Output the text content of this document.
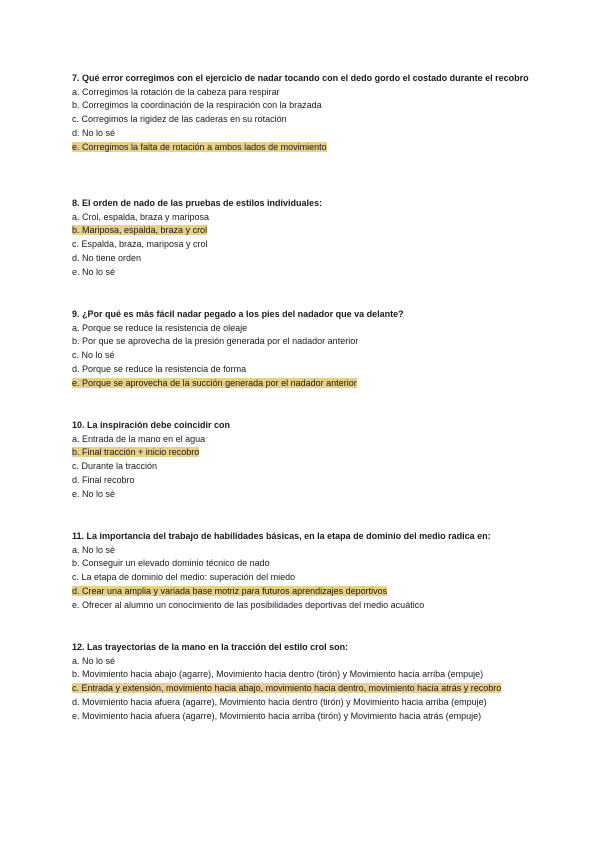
7. Qué error corregimos con el ejercicio de nadar tocando con el dedo gordo el costado durante el recobro

a. Corregimos la rotación de la cabeza para respirar

b. Corregimos la coordinación de la respiración con la brazada

c. Corregimos la rigidez de las caderas en su rotación

d. No lo sé

e. Corregimos la falta de rotación a ambos lados de movimiento

8. El orden de nado de las pruebas de estilos individuales:

a. Crol, espalda, braza y mariposa

b. Mariposa, espalda, braza y crol

c. Espalda, braza, mariposa y crol

d. No tiene orden

e. No lo sé

9. ¿Por qué es más fácil nadar pegado a los pies del nadador que va delante?

a. Porque se reduce la resistencia de oleaje

b. Por que se aprovecha de la presión generada por el nadador anterior

c. No lo sé

d. Porque se reduce la resistencia de forma

e. Porque se aprovecha de la succión generada por el nadador anterior

10. La inspiración debe coincidir con

a. Entrada de la mano en el agua

b. Final tracción + inicio recobro

c. Durante la tracción

d. Final recobro

e. No lo sé

11. La importancia del trabajo de habilidades básicas, en la etapa de dominio del medio radica en:

a. No lo sé

b. Conseguir un elevado dominio técnico de nado

c. La etapa de dominio del medio: superación del miedo

d. Crear una amplia y variada base motriz para futuros aprendizajes deportivos

e. Ofrecer al alumno un conocimiento de las posibilidades deportivas del medio acuático

12. Las trayectorias de la mano en la tracción del estilo crol son:

a. No lo sé

b. Movimiento hacia abajo (agarre), Movimiento hacia dentro (tirón) y Movimiento hacia arriba (empuje)

c. Entrada y extensión, movimiento hacia abajo, movimiento hacia dentro, movimiento hacia atrás y recobro

d. Movimiento hacia afuera (agarre), Movimiento hacia dentro (tirón) y Movimiento hacia arriba (empuje)

e. Movimiento hacia afuera (agarre), Movimiento hacia arriba (tirón) y Movimiento hacia atrás (empuje)
